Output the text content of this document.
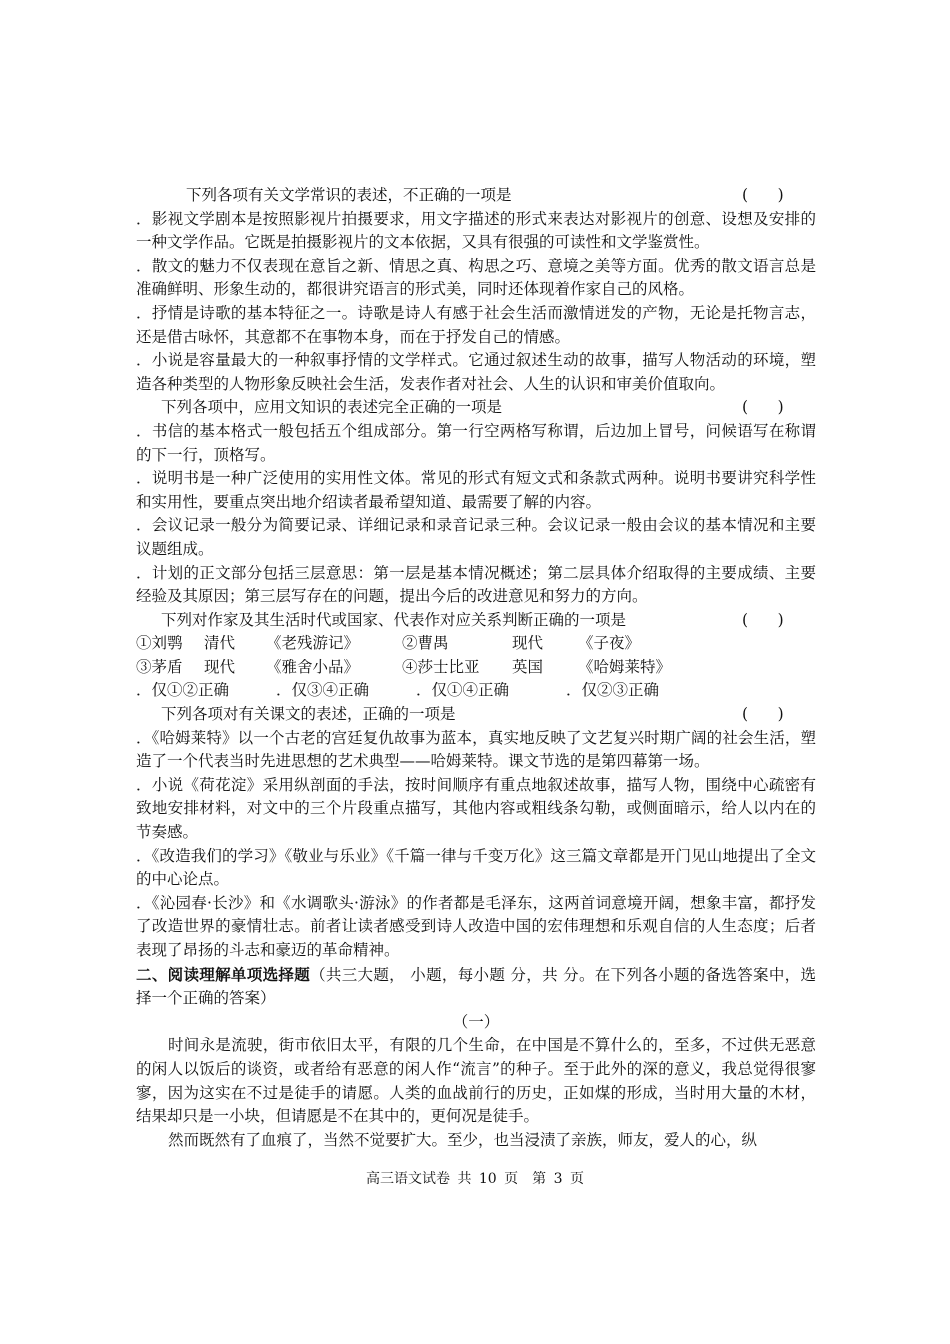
下列各项有关文学常识的表述，不正确的一项是	(      )

．影视文学剧本是按照影视片拍摄要求，用文字描述的形式来表达对影视片的创意、设想及安排的一种文学作品。它既是拍摄影视片的文本依据，又具有很强的可读性和文学鉴赏性。

．散文的魅力不仅表现在意旨之新、情思之真、构思之巧、意境之美等方面。优秀的散文语言总是准确鲜明、形象生动的，都很讲究语言的形式美，同时还体现着作家自己的风格。

．抒情是诗歌的基本特征之一。诗歌是诗人有感于社会生活而激情迸发的产物，无论是托物言志，还是借古咏怀，其意都不在事物本身，而在于抒发自己的情感。

．小说是容量最大的一种叙事抒情的文学样式。它通过叙述生动的故事，描写人物活动的环境，塑造各种类型的人物形象反映社会生活，发表作者对社会、人生的认识和审美价值取向。

下列各项中，应用文知识的表述完全正确的一项是	(      )

．书信的基本格式一般包括五个组成部分。第一行空两格写称谓，后边加上冒号，问候语写在称谓的下一行，顶格写。

．说明书是一种广泛使用的实用性文体。常见的形式有短文式和条款式两种。说明书要讲究科学性和实用性，要重点突出地介绍读者最希望知道、最需要了解的内容。

．会议记录一般分为简要记录、详细记录和录音记录三种。会议记录一般由会议的基本情况和主要议题组成。

．计划的正文部分包括三层意思：第一层是基本情况概述；第二层具体介绍取得的主要成绩、主要经验及其原因；第三层写存在的问题，提出今后的改进意见和努力的方向。

下列对作家及其生活时代或国家、代表作对应关系判断正确的一项是	(      )
①刘鹗	清代	《老残游记》	②曹禺	现代	《子夜》
③茅盾	现代	《雅舍小品》	④莎士比亚	英国	《哈姆莱特》
．仅①②正确	．仅③④正确	．仅①④正确	．仅②③正确
下列各项对有关课文的表述，正确的一项是	(      )

．《哈姆莱特》以一个古老的宫廷复仇故事为蓝本，真实地反映了文艺复兴时期广阔的社会生活，塑造了一个代表当时先进思想的艺术典型——哈姆莱特。课文节选的是第四幕第一场。

．小说《荷花淀》采用纵剖面的手法，按时间顺序有重点地叙述故事，描写人物，围绕中心疏密有致地安排材料，对文中的三个片段重点描写，其他内容或粗线条勾勒，或侧面暗示，给人以内在的节奏感。

．《改造我们的学习》《敬业与乐业》《千篇一律与千变万化》这三篇文章都是开门见山地提出了全文的中心论点。

．《沁园春·长沙》和《水调歌头·游泳》的作者都是毛泽东，这两首词意境开阔，想象丰富，都抒发了改造世界的豪情壮志。前者让读者感受到诗人改造中国的宏伟理想和乐观自信的人生态度；后者表现了昂扬的斗志和豪迈的革命精神。

二、阅读理解单项选择题（共三大题， 小题，每小题 分，共 分。在下列各小题的备选答案中，选择一个正确的答案）

（一）

时间永是流驶，街市依旧太平，有限的几个生命，在中国是不算什么的，至多，不过供无恶意的闲人以饭后的谈资，或者给有恶意的闲人作“流言”的种子。至于此外的深的意义，我总觉得很寥寥，因为这实在不过是徒手的请愿。人类的血战前行的历史，正如煤的形成，当时用大量的木材，结果却只是一小块，但请愿是不在其中的，更何况是徒手。

然而既然有了血痕了，当然不觉要扩大。至少，也当浸渍了亲族，师友，爱人的心，纵

高三语文试卷 共 10 页　第 3 页
